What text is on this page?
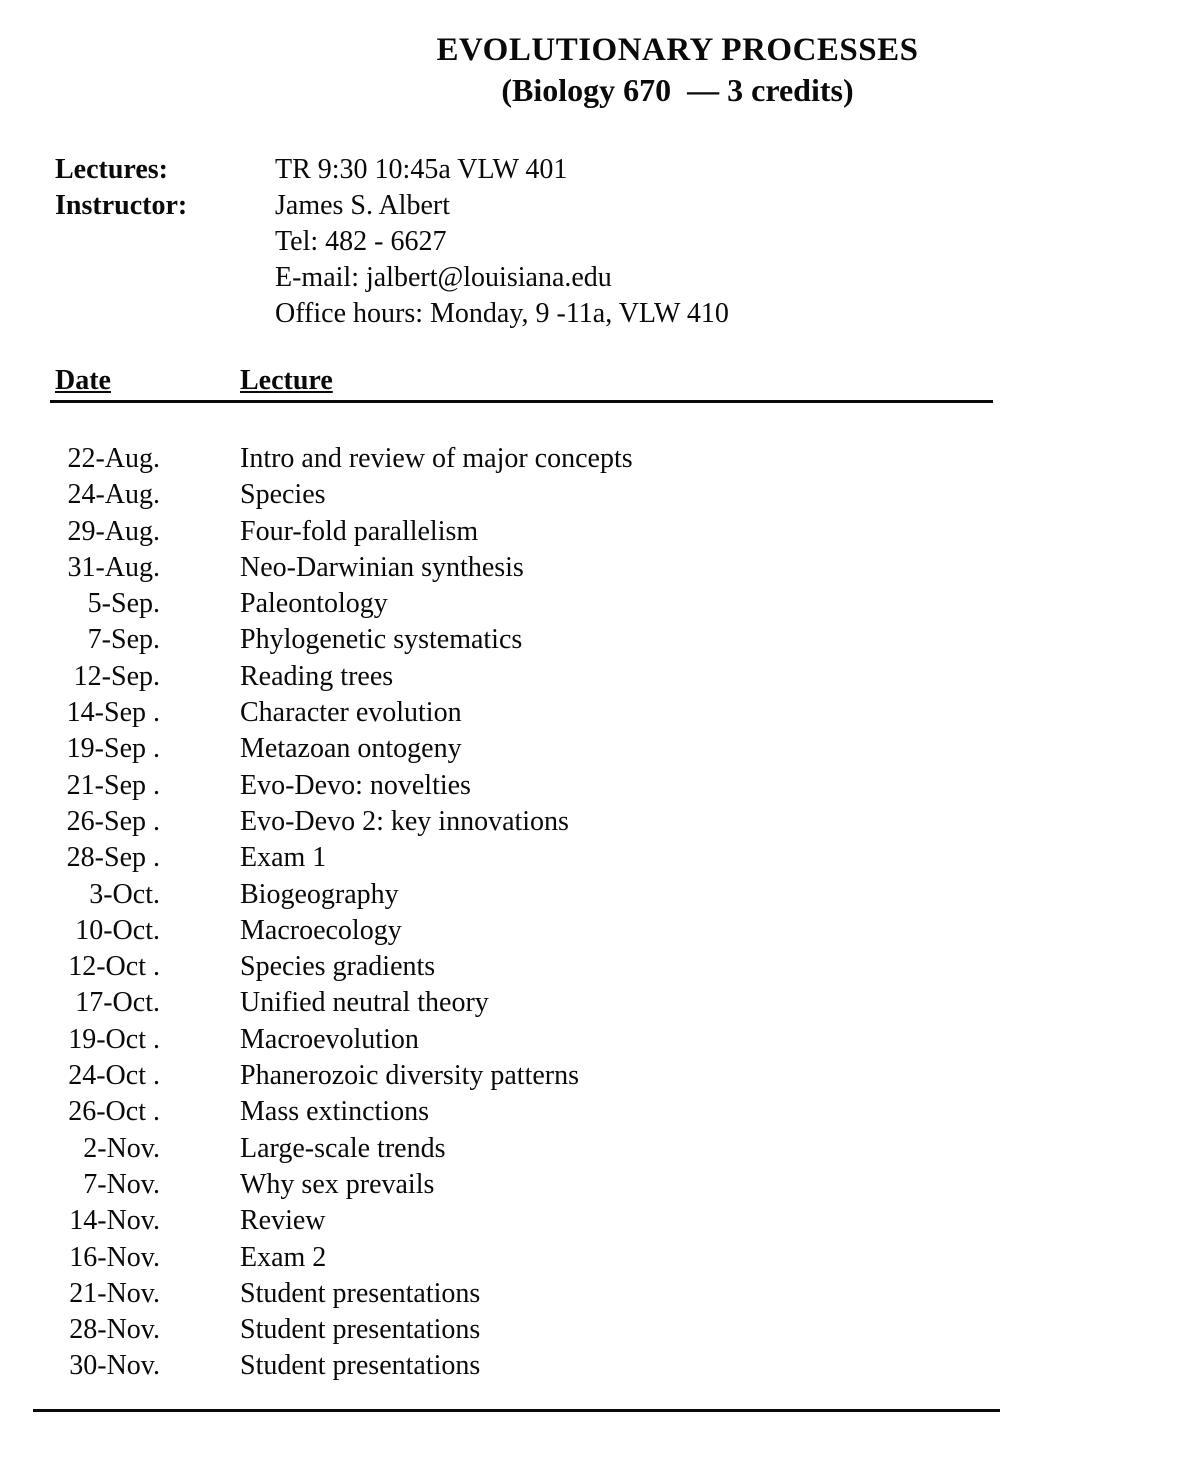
EVOLUTIONARY PROCESSES
(Biology 670  — 3 credits)
Lectures:	TR 9:30 10:45a VLW 401
Instructor:	James S. Albert
Tel: 482 - 6627
E-mail: jalbert@louisiana.edu
Office hours: Monday, 9 -11a, VLW 410
Date	Lecture
22-Aug.	Intro and review of major concepts
24-Aug.	Species
29-Aug.	Four-fold parallelism
31-Aug.	Neo-Darwinian synthesis
5-Sep.	Paleontology
7-Sep.	Phylogenetic systematics
12-Sep.	Reading trees
14-Sep .	Character evolution
19-Sep .	Metazoan ontogeny
21-Sep .	Evo-Devo: novelties
26-Sep .	Evo-Devo 2: key innovations
28-Sep .	Exam 1
3-Oct.	Biogeography
10-Oct.	Macroecology
12-Oct .	Species gradients
17-Oct.	Unified neutral theory
19-Oct .	Macroevolution
24-Oct .	Phanerozoic diversity patterns
26-Oct .	Mass extinctions
2-Nov.	Large-scale trends
7-Nov.	Why sex prevails
14-Nov.	Review
16-Nov.	Exam 2
21-Nov.	Student presentations
28-Nov.	Student presentations
30-Nov.	Student presentations
